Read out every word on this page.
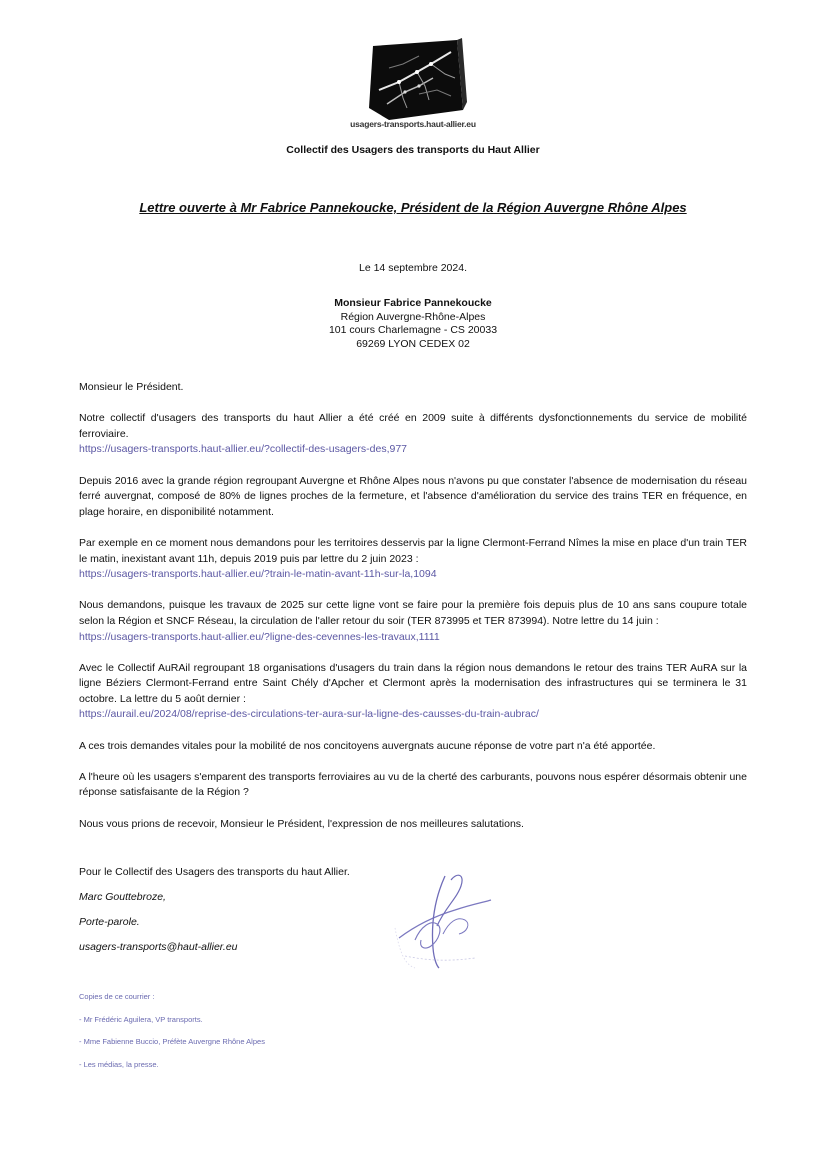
usagers-transports.haut-allier.eu
Collectif des Usagers des transports du Haut Allier
Lettre ouverte à Mr Fabrice Pannekoucke, Président de la Région Auvergne Rhône Alpes
Le 14 septembre 2024.
Monsieur Fabrice Pannekoucke
Région Auvergne-Rhône-Alpes
101 cours Charlemagne - CS 20033
69269 LYON CEDEX 02

Monsieur le Président.

Notre collectif d'usagers des transports du haut Allier a été créé en 2009 suite à différents dysfonctionnements du service de mobilité ferroviaire.

https://usagers-transports.haut-allier.eu/?collectif-des-usagers-des,977

Depuis 2016 avec la grande région regroupant Auvergne et Rhône Alpes nous n'avons pu que constater l'absence de modernisation du réseau ferré auvergnat, composé de 80% de lignes proches de la fermeture, et l'absence d'amélioration du service des trains TER en fréquence, en plage horaire, en disponibilité notamment.

Par exemple en ce moment nous demandons pour les territoires desservis par la ligne Clermont-Ferrand Nîmes la mise en place d'un train TER le matin, inexistant avant 11h, depuis 2019 puis par lettre du 2 juin 2023 :

https://usagers-transports.haut-allier.eu/?train-le-matin-avant-11h-sur-la,1094

Nous demandons, puisque les travaux de 2025 sur cette ligne vont se faire pour la première fois depuis plus de 10 ans sans coupure totale selon la Région et SNCF Réseau, la circulation de l'aller retour du soir (TER 873995 et TER 873994). Notre lettre du 14 juin :

https://usagers-transports.haut-allier.eu/?ligne-des-cevennes-les-travaux,1111

Avec le Collectif AuRAil regroupant 18 organisations d'usagers du train dans la région nous demandons le retour des trains TER AuRA sur la ligne Béziers Clermont-Ferrand entre Saint Chély d'Apcher et Clermont après la modernisation des infrastructures qui se terminera le 31 octobre. La lettre du 5 août dernier :

https://aurail.eu/2024/08/reprise-des-circulations-ter-aura-sur-la-ligne-des-causses-du-train-aubrac/

A ces trois demandes vitales pour la mobilité de nos concitoyens auvergnats aucune réponse de votre part n'a été apportée.

A l'heure où les usagers s'emparent des transports ferroviaires au vu de la cherté des carburants, pouvons nous espérer désormais obtenir une réponse satisfaisante de la Région ?

Nous vous prions de recevoir, Monsieur le Président, l'expression de nos meilleures salutations.

Pour le Collectif des Usagers des transports du haut Allier.
Marc Gouttebroze,
Porte-parole.
usagers-transports@haut-allier.eu
Copies de ce courrier :
- Mr Frédéric Aguilera, VP transports.
- Mme Fabienne Buccio, Préfète Auvergne Rhône Alpes
- Les médias, la presse.
